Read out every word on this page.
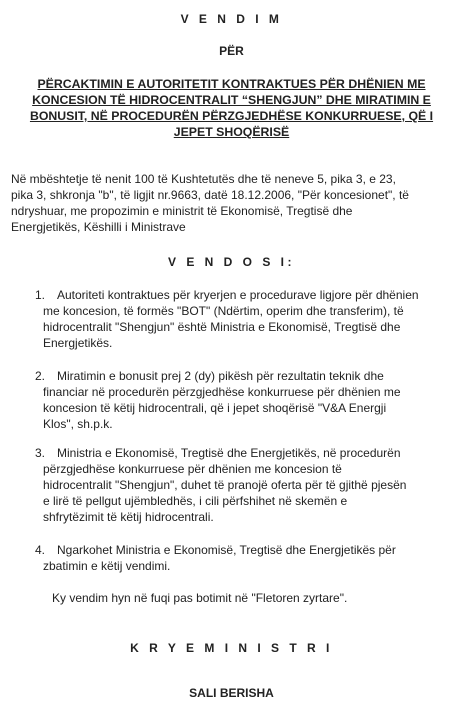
V E N D I M
PËR
PËRCAKTIMIN E AUTORITETIT KONTRAKTUES PËR DHËNIEN ME
KONCESION TË HIDROCENTRALIT “SHENGJUN” DHE MIRATIMIN E
BONUSIT, NË PROCEDURËN PËRZGJEDHËSE KONKURRUESE, QË I
JEPET SHOQËRISË
Në mbështetje të nenit 100 të Kushtetutës dhe të neneve 5, pika 3, e 23,
pika 3, shkronja "b", të ligjit nr.9663, datë 18.12.2006, "Për koncesionet", të
ndryshuar, me propozimin e ministrit të Ekonomisë, Tregtisë dhe
Energjetikës, Këshilli i Ministrave
V E N D O S I:
1. Autoriteti kontraktues për kryerjen e procedurave ligjore për dhënien
me koncesion, të formës "BOT" (Ndërtim, operim dhe transferim), të
hidrocentralit "Shengjun" është Ministria e Ekonomisë, Tregtisë dhe
Energjetikës.
2. Miratimin e bonusit prej 2 (dy) pikësh për rezultatin teknik dhe
financiar në procedurën përzgjedhëse konkurruese për dhënien me
koncesion të këtij hidrocentrali, që i jepet shoqërisë "V&A Energji
Klos", sh.p.k.
3. Ministria e Ekonomisë, Tregtisë dhe Energjetikës, në procedurën
përzgjedhëse konkurruese për dhënien me koncesion të
hidrocentralit "Shengjun", duhet të pranojë oferta për të gjithë pjesën
e lirë të pellgut ujëmbledhës, i cili përfshihet në skemën e
shfrytëzimit të këtij hidrocentrali.
4. Ngarkohet Ministria e Ekonomisë, Tregtisë dhe Energjetikës për
zbatimin e këtij vendimi.
Ky vendim hyn në fuqi pas botimit në "Fletoren zyrtare".
K R Y E M I N I S T R I
SALI BERISHA
